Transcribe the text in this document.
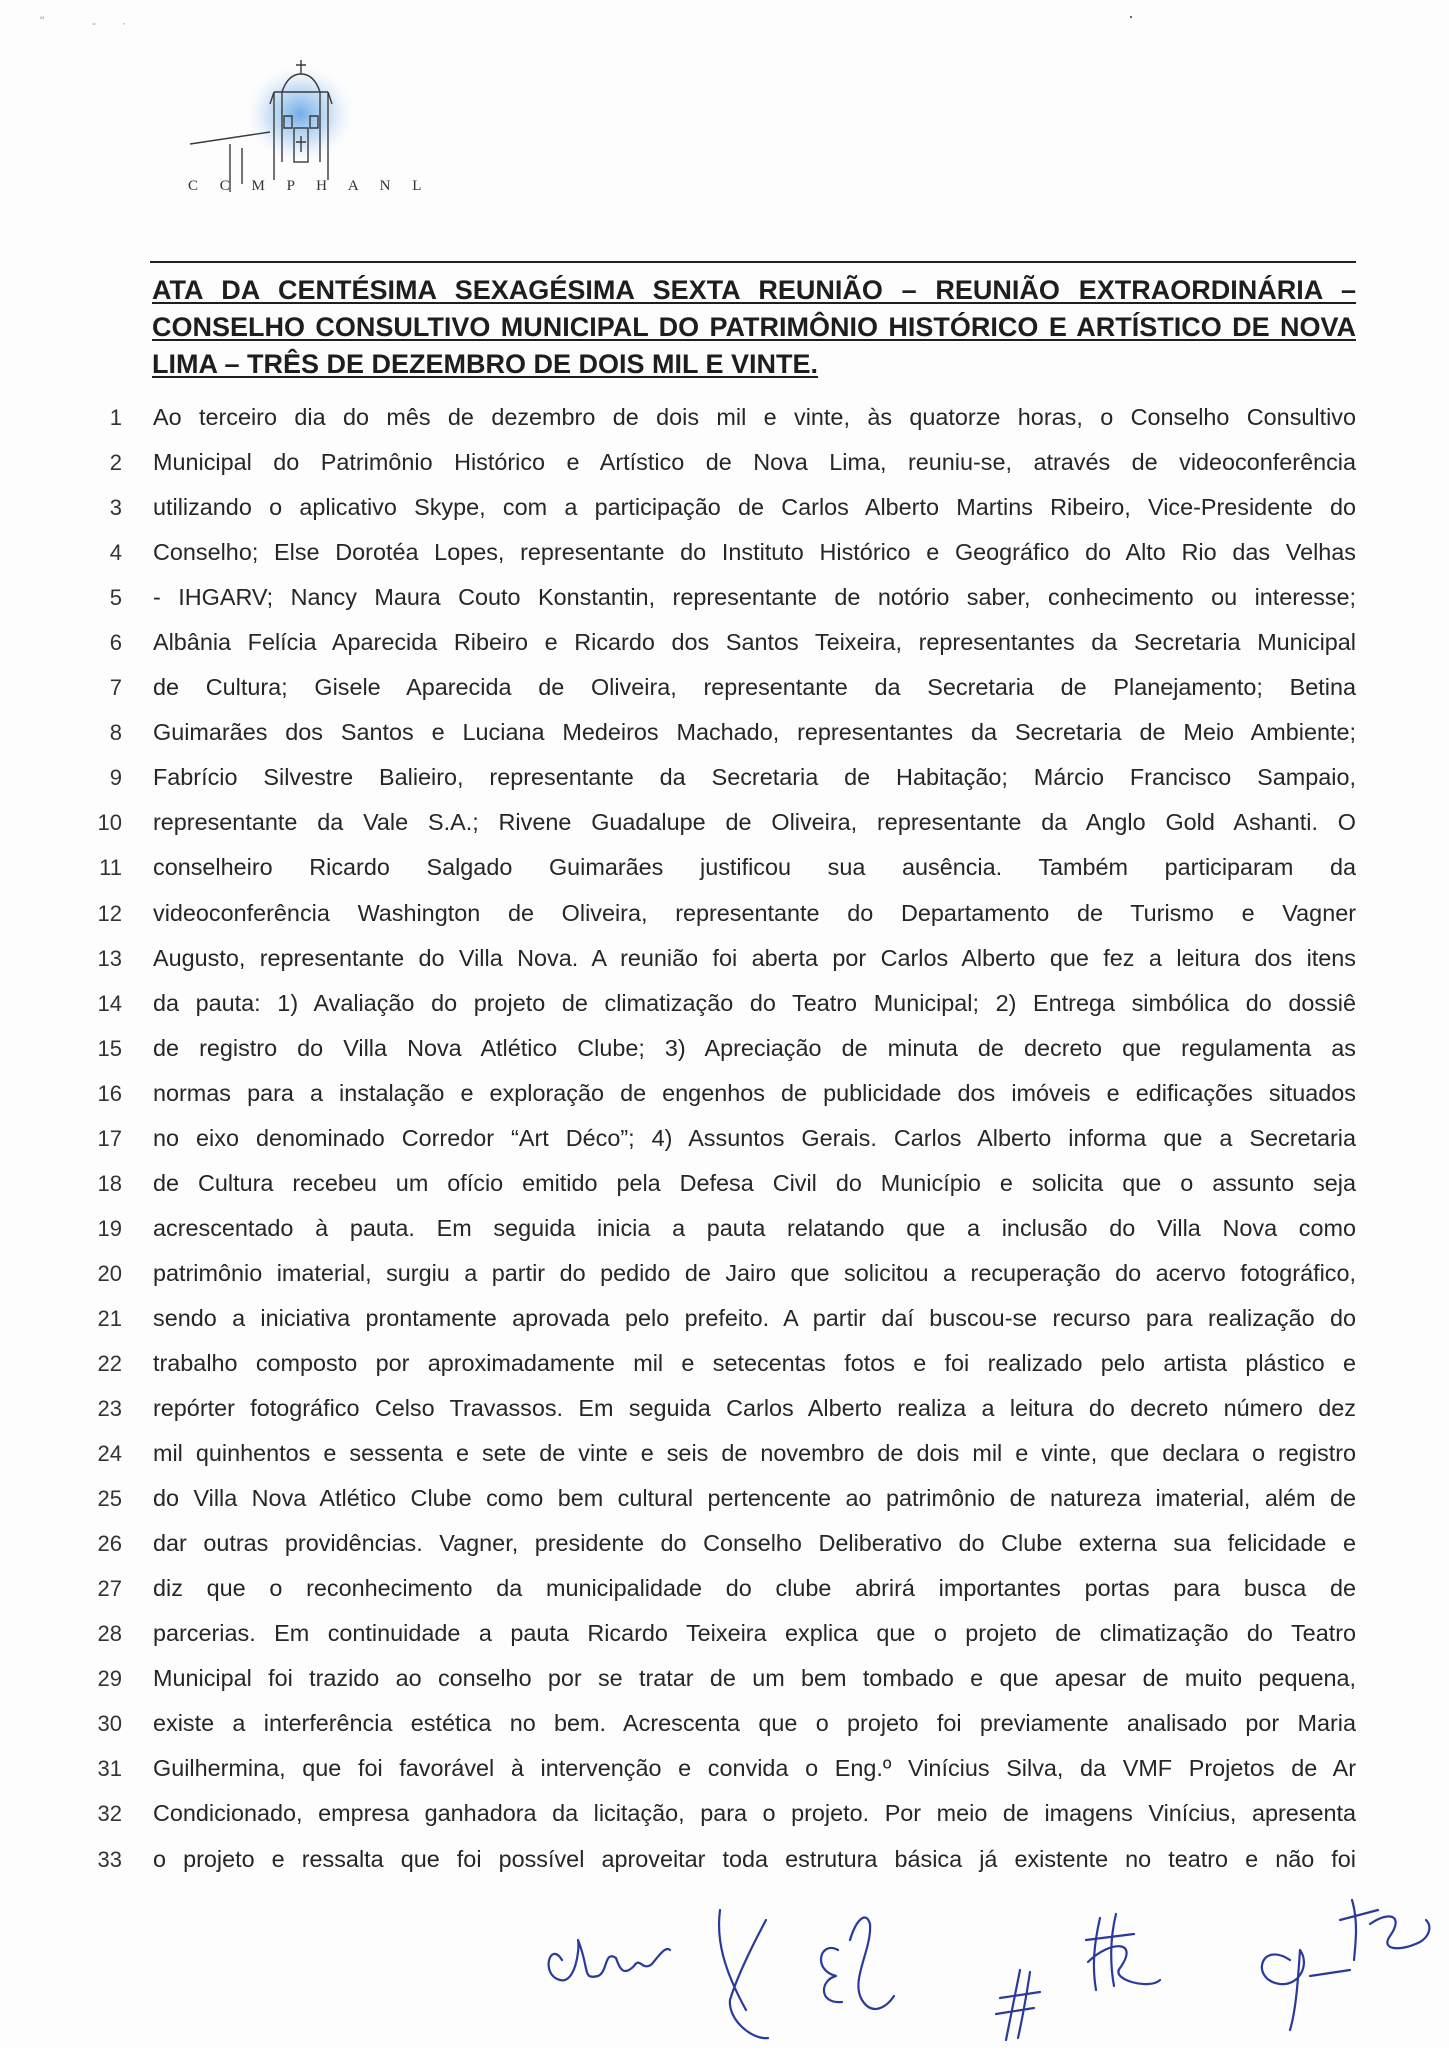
"	- ·	·
C C M P H A N L
ATA DA CENTÉSIMA SEXAGÉSIMA SEXTA REUNIÃO – REUNIÃO EXTRAORDINÁRIA –
CONSELHO CONSULTIVO MUNICIPAL DO PATRIMÔNIO HISTÓRICO E ARTÍSTICO DE NOVA
LIMA – TRÊS DE DEZEMBRO DE DOIS MIL E VINTE.
1 Ao terceiro dia do mês de dezembro de dois mil e vinte, às quatorze horas, o Conselho Consultivo
2 Municipal do Patrimônio Histórico e Artístico de Nova Lima, reuniu-se, através de videoconferência
3 utilizando o aplicativo Skype, com a participação de Carlos Alberto Martins Ribeiro, Vice-Presidente do
4 Conselho; Else Dorotéa Lopes, representante do Instituto Histórico e Geográfico do Alto Rio das Velhas
5 - IHGARV; Nancy Maura Couto Konstantin, representante de notório saber, conhecimento ou interesse;
6 Albânia Felícia Aparecida Ribeiro e Ricardo dos Santos Teixeira, representantes da Secretaria Municipal
7 de Cultura; Gisele Aparecida de Oliveira, representante da Secretaria de Planejamento; Betina
8 Guimarães dos Santos e Luciana Medeiros Machado, representantes da Secretaria de Meio Ambiente;
9 Fabrício Silvestre Balieiro, representante da Secretaria de Habitação; Márcio Francisco Sampaio,
10 representante da Vale S.A.; Rivene Guadalupe de Oliveira, representante da Anglo Gold Ashanti. O
11 conselheiro Ricardo Salgado Guimarães justificou sua ausência. Também participaram da
12 videoconferência Washington de Oliveira, representante do Departamento de Turismo e Vagner
13 Augusto, representante do Villa Nova. A reunião foi aberta por Carlos Alberto que fez a leitura dos itens
14 da pauta: 1) Avaliação do projeto de climatização do Teatro Municipal; 2) Entrega simbólica do dossiê
15 de registro do Villa Nova Atlético Clube; 3) Apreciação de minuta de decreto que regulamenta as
16 normas para a instalação e exploração de engenhos de publicidade dos imóveis e edificações situados
17 no eixo denominado Corredor “Art Déco”; 4) Assuntos Gerais. Carlos Alberto informa que a Secretaria
18 de Cultura recebeu um ofício emitido pela Defesa Civil do Município e solicita que o assunto seja
19 acrescentado à pauta. Em seguida inicia a pauta relatando que a inclusão do Villa Nova como
20 patrimônio imaterial, surgiu a partir do pedido de Jairo que solicitou a recuperação do acervo fotográfico,
21 sendo a iniciativa prontamente aprovada pelo prefeito. A partir daí buscou-se recurso para realização do
22 trabalho composto por aproximadamente mil e setecentas fotos e foi realizado pelo artista plástico e
23 repórter fotográfico Celso Travassos. Em seguida Carlos Alberto realiza a leitura do decreto número dez
24 mil quinhentos e sessenta e sete de vinte e seis de novembro de dois mil e vinte, que declara o registro
25 do Villa Nova Atlético Clube como bem cultural pertencente ao patrimônio de natureza imaterial, além de
26 dar outras providências. Vagner, presidente do Conselho Deliberativo do Clube externa sua felicidade e
27 diz que o reconhecimento da municipalidade do clube abrirá importantes portas para busca de
28 parcerias. Em continuidade a pauta Ricardo Teixeira explica que o projeto de climatização do Teatro
29 Municipal foi trazido ao conselho por se tratar de um bem tombado e que apesar de muito pequena,
30 existe a interferência estética no bem. Acrescenta que o projeto foi previamente analisado por Maria
31 Guilhermina, que foi favorável à intervenção e convida o Eng.º Vinícius Silva, da VMF Projetos de Ar
32 Condicionado, empresa ganhadora da licitação, para o projeto. Por meio de imagens Vinícius, apresenta
33 o projeto e ressalta que foi possível aproveitar toda estrutura básica já existente no teatro e não foi
